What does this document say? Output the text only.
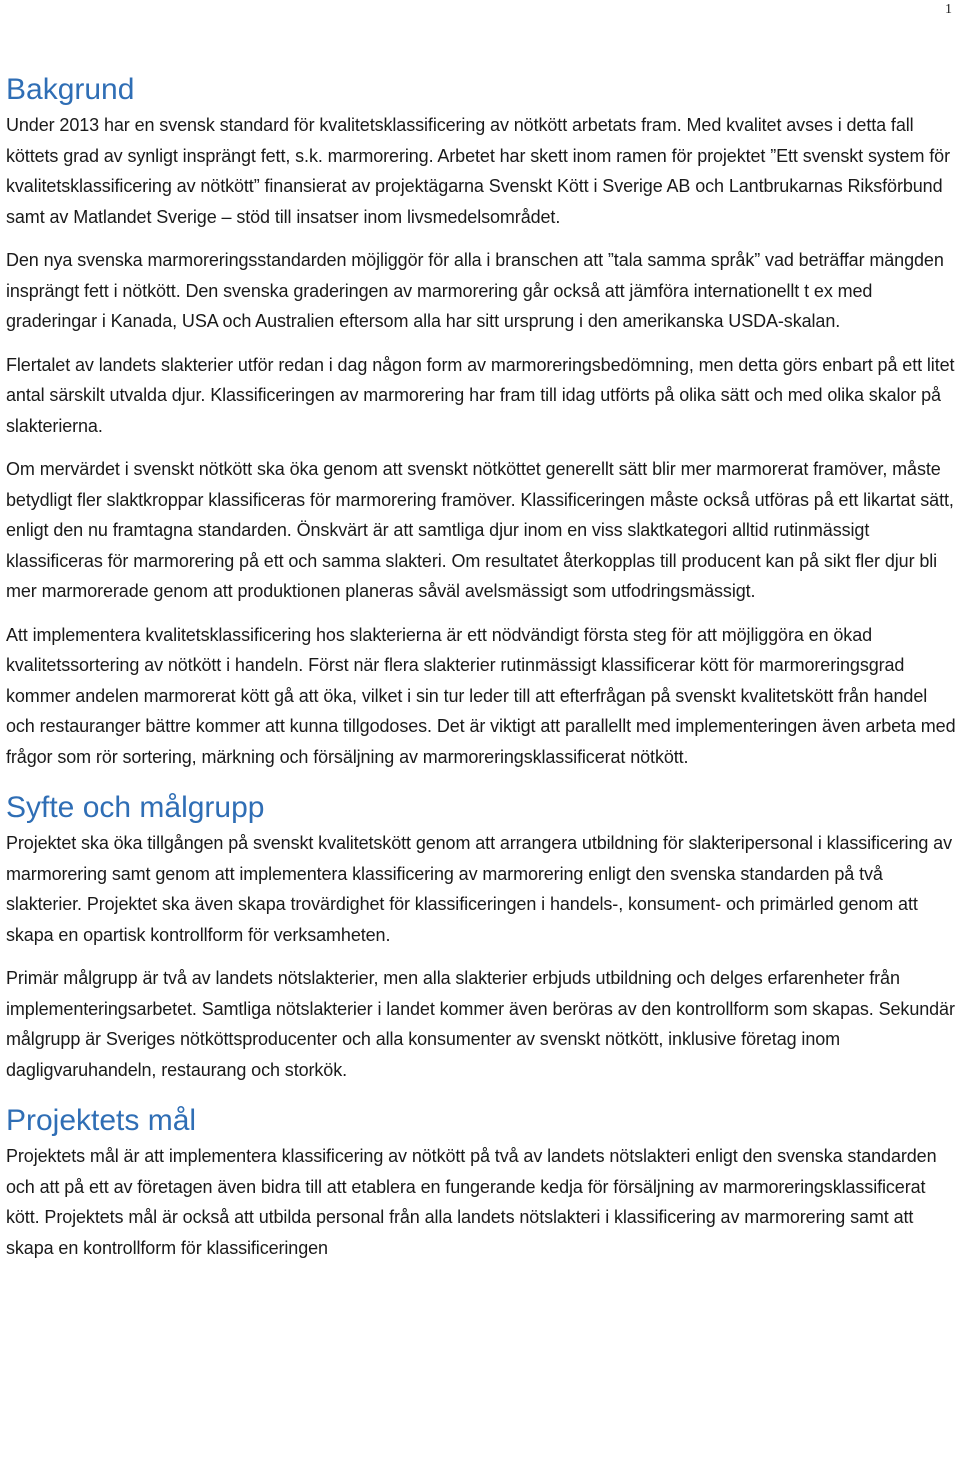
1
Bakgrund

Under 2013 har en svensk standard för kvalitetsklassificering av nötkött arbetats fram. Med kvalitet avses i detta fall köttets grad av synligt insprängt fett, s.k. marmorering. Arbetet har skett inom ramen för projektet ”Ett svenskt system för kvalitetsklassificering av nötkött” finansierat av projektägarna Svenskt Kött i Sverige AB och Lantbrukarnas Riksförbund samt av Matlandet Sverige – stöd till insatser inom livsmedelsområdet.

Den nya svenska marmoreringsstandarden möjliggör för alla i branschen att ”tala samma språk” vad beträffar mängden insprängt fett i nötkött. Den svenska graderingen av marmorering går också att jämföra internationellt t ex med graderingar i Kanada, USA och Australien eftersom alla har sitt ursprung i den amerikanska USDA-skalan.

Flertalet av landets slakterier utför redan i dag någon form av marmoreringsbedömning, men detta görs enbart på ett litet antal särskilt utvalda djur. Klassificeringen av marmorering har fram till idag utförts på olika sätt och med olika skalor på slakterierna.

Om mervärdet i svenskt nötkött ska öka genom att svenskt nötköttet generellt sätt blir mer marmorerat framöver, måste betydligt fler slaktkroppar klassificeras för marmorering framöver. Klassificeringen måste också utföras på ett likartat sätt, enligt den nu framtagna standarden. Önskvärt är att samtliga djur inom en viss slaktkategori alltid rutinmässigt klassificeras för marmorering på ett och samma slakteri. Om resultatet återkopplas till producent kan på sikt fler djur bli mer marmorerade genom att produktionen planeras såväl avelsmässigt som utfodringsmässigt.

Att implementera kvalitetsklassificering hos slakterierna är ett nödvändigt första steg för att möjliggöra en ökad kvalitetssortering av nötkött i handeln. Först när flera slakterier rutinmässigt klassificerar kött för marmoreringsgrad kommer andelen marmorerat kött gå att öka, vilket i sin tur leder till att efterfrågan på svenskt kvalitetskött från handel och restauranger bättre kommer att kunna tillgodoses. Det är viktigt att parallellt med implementeringen även arbeta med frågor som rör sortering, märkning och försäljning av marmoreringsklassificerat nötkött.

Syfte och målgrupp

Projektet ska öka tillgången på svenskt kvalitetskött genom att arrangera utbildning för slakteripersonal i klassificering av marmorering samt genom att implementera klassificering av marmorering enligt den svenska standarden på två slakterier. Projektet ska även skapa trovärdighet för klassificeringen i handels-, konsument- och primärled genom att skapa en opartisk kontrollform för verksamheten.

Primär målgrupp är två av landets nötslakterier, men alla slakterier erbjuds utbildning och delges erfarenheter från implementeringsarbetet. Samtliga nötslakterier i landet kommer även beröras av den kontrollform som skapas. Sekundär målgrupp är Sveriges nötköttsproducenter och alla konsumenter av svenskt nötkött, inklusive företag inom dagligvaruhandeln, restaurang och storkök.

Projektets mål

Projektets mål är att implementera klassificering av nötkött på två av landets nötslakteri enligt den svenska standarden och att på ett av företagen även bidra till att etablera en fungerande kedja för försäljning av marmoreringsklassificerat kött. Projektets mål är också att utbilda personal från alla landets nötslakteri i klassificering av marmorering samt att skapa en kontrollform för klassificeringen
